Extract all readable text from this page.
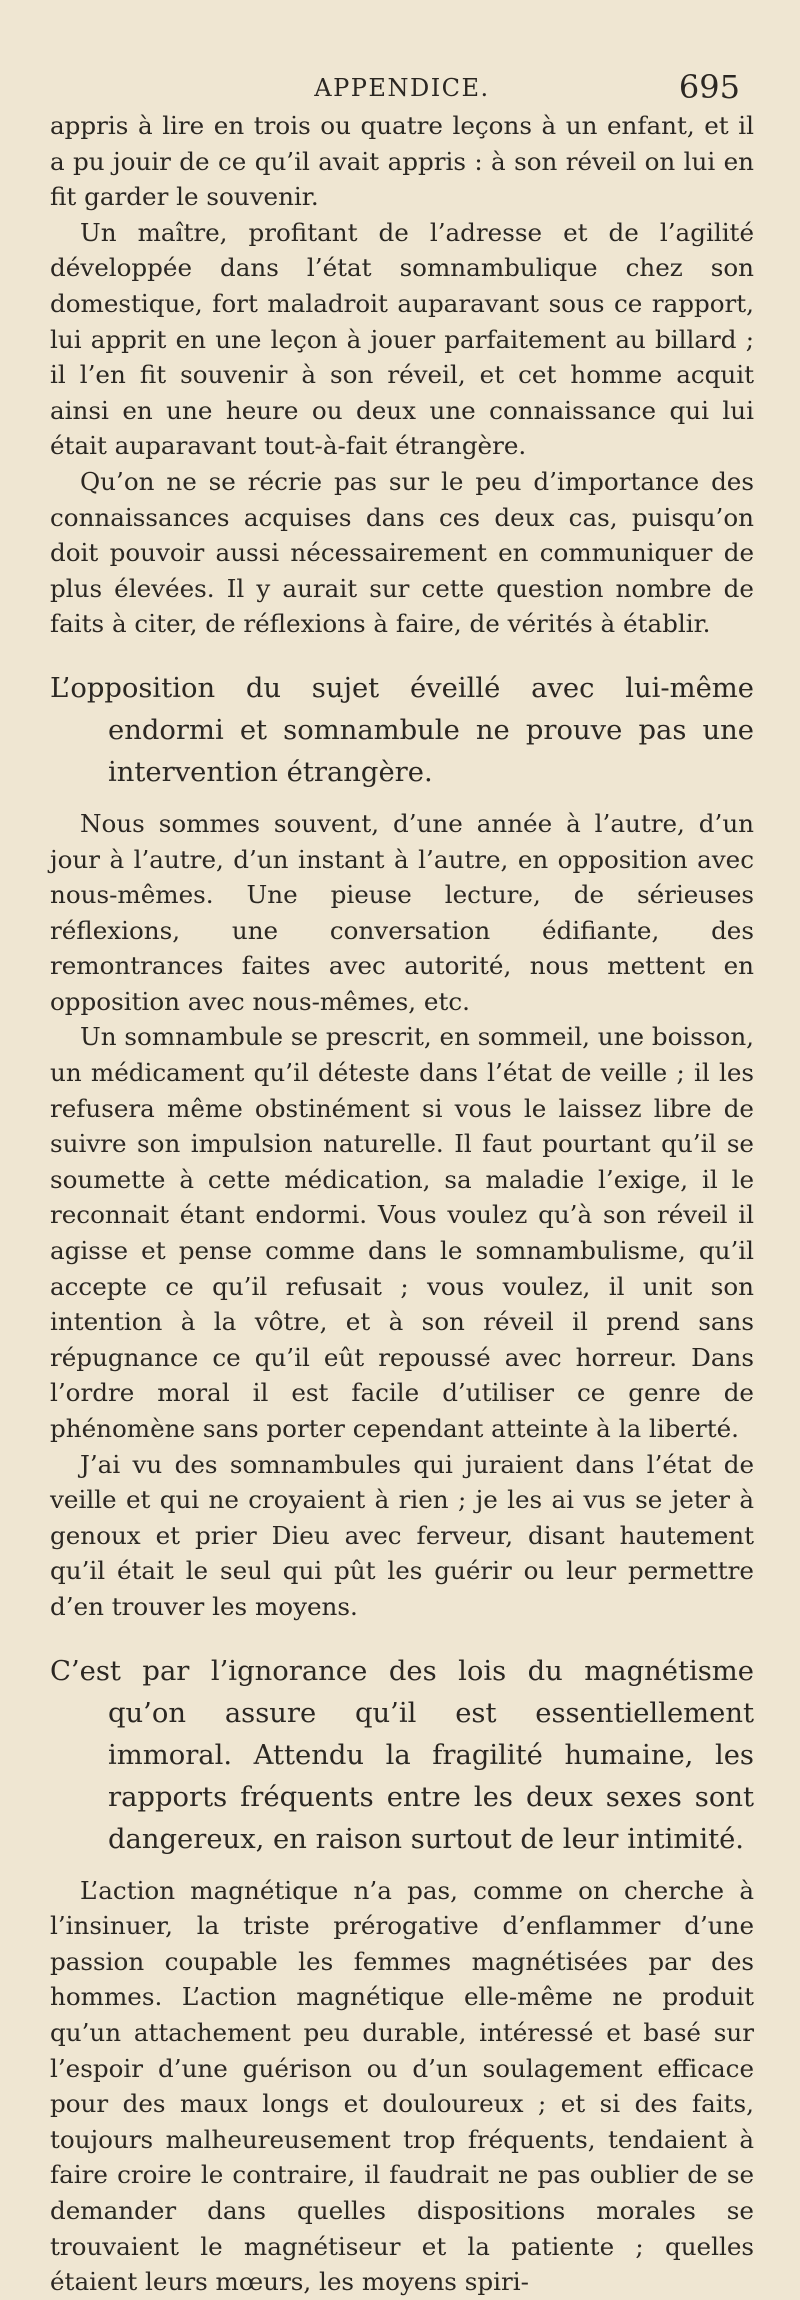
APPENDICE.	695

appris à lire en trois ou quatre leçons à un enfant, et il a pu jouir de ce qu’il avait appris : à son réveil on lui en fit garder le souvenir.

Un maître, profitant de l’adresse et de l’agilité développée dans l’état somnambulique chez son domestique, fort maladroit auparavant sous ce rapport, lui apprit en une leçon à jouer parfaitement au billard ; il l’en fit souvenir à son réveil, et cet homme acquit ainsi en une heure ou deux une connaissance qui lui était auparavant tout-à-fait étrangère.

Qu’on ne se récrie pas sur le peu d’importance des connaissances acquises dans ces deux cas, puisqu’on doit pouvoir aussi nécessairement en communiquer de plus élevées. Il y aurait sur cette question nombre de faits à citer, de réflexions à faire, de vérités à établir.

L’opposition du sujet éveillé avec lui-même endormi et somnambule ne prouve pas une intervention étrangère.

Nous sommes souvent, d’une année à l’autre, d’un jour à l’autre, d’un instant à l’autre, en opposition avec nous-mêmes. Une pieuse lecture, de sérieuses réflexions, une conversation édifiante, des remontrances faites avec autorité, nous mettent en opposition avec nous-mêmes, etc.

Un somnambule se prescrit, en sommeil, une boisson, un médicament qu’il déteste dans l’état de veille ; il les refusera même obstinément si vous le laissez libre de suivre son impulsion naturelle. Il faut pourtant qu’il se soumette à cette médication, sa maladie l’exige, il le reconnait étant endormi. Vous voulez qu’à son réveil il agisse et pense comme dans le somnambulisme, qu’il accepte ce qu’il refusait ; vous voulez, il unit son intention à la vôtre, et à son réveil il prend sans répugnance ce qu’il eût repoussé avec horreur. Dans l’ordre moral il est facile d’utiliser ce genre de phénomène sans porter cependant atteinte à la liberté.

J’ai vu des somnambules qui juraient dans l’état de veille et qui ne croyaient à rien ; je les ai vus se jeter à genoux et prier Dieu avec ferveur, disant hautement qu’il était le seul qui pût les guérir ou leur permettre d’en trouver les moyens.

C’est par l’ignorance des lois du magnétisme qu’on assure qu’il est essentiellement immoral. Attendu la fragilité humaine, les rapports fréquents entre les deux sexes sont dangereux, en raison surtout de leur intimité.

L’action magnétique n’a pas, comme on cherche à l’insinuer, la triste prérogative d’enflammer d’une passion coupable les femmes magnétisées par des hommes. L’action magnétique elle-même ne produit qu’un attachement peu durable, intéressé et basé sur l’espoir d’une guérison ou d’un soulagement efficace pour des maux longs et douloureux ; et si des faits, toujours malheureusement trop fréquents, tendaient à faire croire le contraire, il faudrait ne pas oublier de se demander dans quelles dispositions morales se trouvaient le magnétiseur et la patiente ; quelles étaient leurs mœurs, les moyens spiri-
